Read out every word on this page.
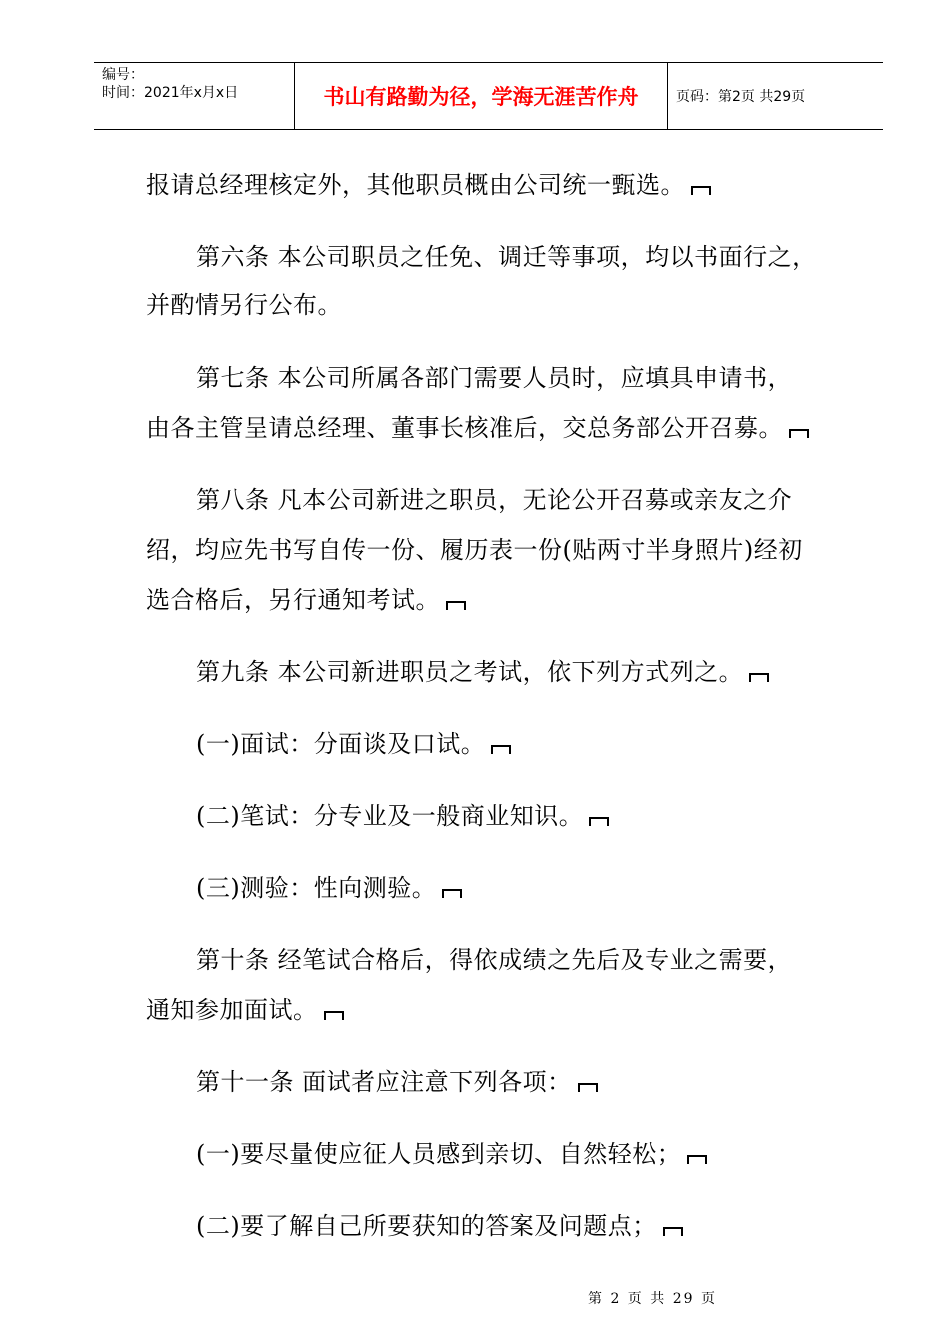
编号：
时间：2021年x月x日	书山有路勤为径，学海无涯苦作舟	页码：第2页 共29页
报请总经理核定外，其他职员概由公司统一甄选。
第六条 本公司职员之任免、调迁等事项，均以书面行之，
并酌情另行公布。
第七条 本公司所属各部门需要人员时，应填具申请书，
由各主管呈请总经理、董事长核准后，交总务部公开召募。
第八条 凡本公司新进之职员，无论公开召募或亲友之介
绍，均应先书写自传一份、履历表一份(贴两寸半身照片)经初
选合格后，另行通知考试。
第九条 本公司新进职员之考试，依下列方式列之。
(一)面试：分面谈及口试。
(二)笔试：分专业及一般商业知识。
(三)测验：性向测验。
第十条 经笔试合格后，得依成绩之先后及专业之需要，
通知参加面试。
第十一条 面试者应注意下列各项：
(一)要尽量使应征人员感到亲切、自然轻松；
(二)要了解自己所要获知的答案及问题点；
第 2 页 共 29 页
